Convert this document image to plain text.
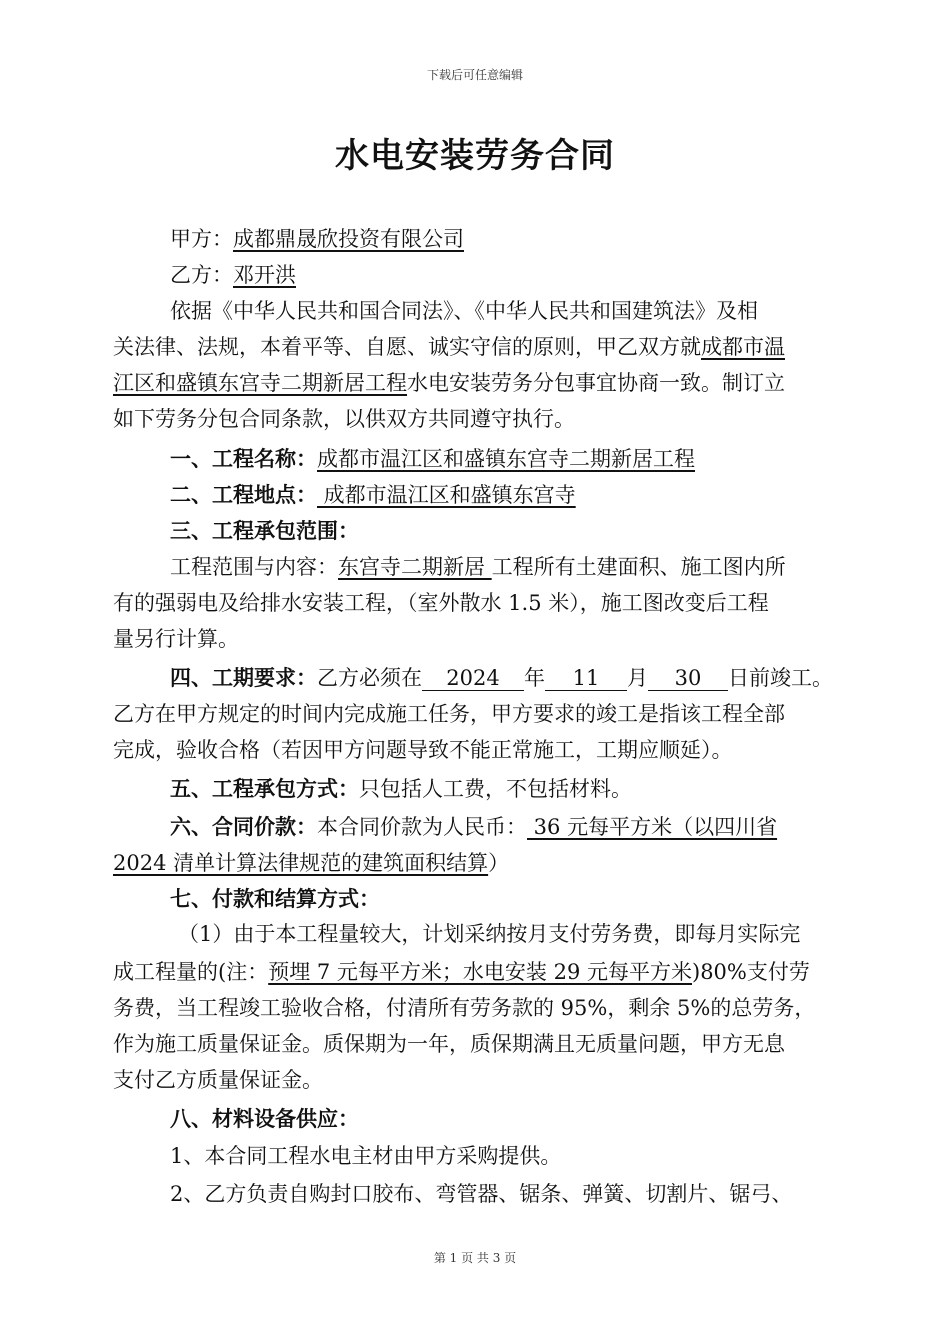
下载后可任意编辑
水电安装劳务合同
甲方：成都鼎晟欣投资有限公司
乙方：邓开洪
依据《中华人民共和国合同法》、《中华人民共和国建筑法》及相
关法律、法规，本着平等、自愿、诚实守信的原则，甲乙双方就成都市温
江区和盛镇东宫寺二期新居工程水电安装劳务分包事宜协商一致。制订立
如下劳务分包合同条款，以供双方共同遵守执行。
一、工程名称：成都市温江区和盛镇东宫寺二期新居工程
二、工程地点： 成都市温江区和盛镇东宫寺
三、工程承包范围：
工程范围与内容：东宫寺二期新居 工程所有土建面积、施工图内所
有的强弱电及给排水安装工程，（室外散水 1.5 米），施工图改变后工程
量另行计算。
四、工期要求：乙方必须在 2024 年 11 月 30 日前竣工。
乙方在甲方规定的时间内完成施工任务，甲方要求的竣工是指该工程全部
完成，验收合格（若因甲方问题导致不能正常施工，工期应顺延）。
五、工程承包方式：只包括人工费，不包括材料。
六、合同价款：本合同价款为人民币： 36 元每平方米（以四川省
2024 清单计算法律规范的建筑面积结算）
七、付款和结算方式：
（1）由于本工程量较大，计划采纳按月支付劳务费，即每月实际完
成工程量的(注：预埋 7 元每平方米；水电安装 29 元每平方米)80%支付劳
务费，当工程竣工验收合格，付清所有劳务款的 95%，剩余 5%的总劳务，
作为施工质量保证金。质保期为一年，质保期满且无质量问题，甲方无息
支付乙方质量保证金。
八、材料设备供应：
1、本合同工程水电主材由甲方采购提供。
2、乙方负责自购封口胶布、弯管器、锯条、弹簧、切割片、锯弓、
第 1 页 共 3 页
